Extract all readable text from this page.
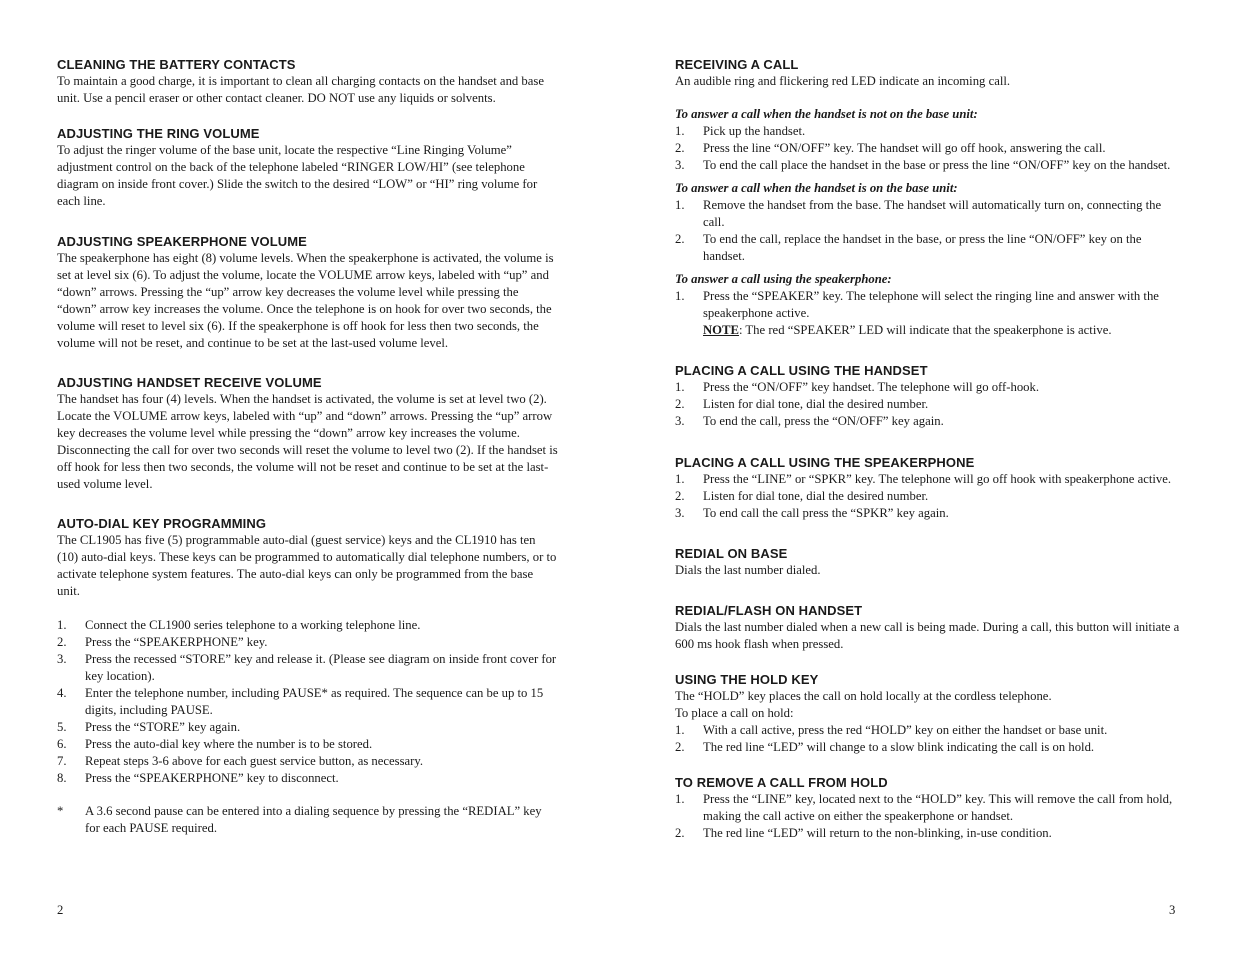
CLEANING THE BATTERY CONTACTS

To maintain a good charge, it is important to clean all charging contacts on the handset and base unit. Use a pencil eraser or other contact cleaner. DO NOT use any liquids or solvents.

ADJUSTING THE RING VOLUME

To adjust the ringer volume of the base unit, locate the respective “Line Ringing Volume” adjustment control on the back of the telephone labeled “RINGER LOW/HI” (see telephone diagram on inside front cover.) Slide the switch to the desired “LOW” or “HI” ring volume for each line.

ADJUSTING SPEAKERPHONE VOLUME

The speakerphone has eight (8) volume levels. When the speakerphone is activated, the volume is set at level six (6). To adjust the volume, locate the VOLUME arrow keys, labeled with “up” and “down” arrows. Pressing the “up” arrow key decreases the volume level while pressing the “down” arrow key increases the volume. Once the telephone is on hook for over two seconds, the volume will reset to level six (6). If the speakerphone is off hook for less then two seconds, the volume will not be reset, and continue to be set at the last-used volume level.

ADJUSTING HANDSET RECEIVE VOLUME

The handset has four (4) levels. When the handset is activated, the volume is set at level two (2). Locate the VOLUME arrow keys, labeled with “up” and “down” arrows. Pressing the “up” arrow key decreases the volume level while pressing the “down” arrow key increases the volume. Disconnecting the call for over two seconds will reset the volume to level two (2). If the handset is off hook for less then two seconds, the volume will not be reset and continue to be set at the last-used volume level.

AUTO-DIAL KEY PROGRAMMING

The CL1905 has five (5) programmable auto-dial (guest service) keys and the CL1910 has ten (10) auto-dial keys. These keys can be programmed to automatically dial telephone numbers, or to activate telephone system features. The auto-dial keys can only be programmed from the base unit.

1. Connect the CL1900 series telephone to a working telephone line.
2. Press the “SPEAKERPHONE” key.
3. Press the recessed “STORE” key and release it. (Please see diagram on inside front cover for key location).
4. Enter the telephone number, including PAUSE* as required. The sequence can be up to 15 digits, including PAUSE.
5. Press the “STORE” key again.
6. Press the auto-dial key where the number is to be stored.
7. Repeat steps 3-6 above for each guest service button, as necessary.
8. Press the “SPEAKERPHONE” key to disconnect.
* A 3.6 second pause can be entered into a dialing sequence by pressing the “REDIAL” key for each PAUSE required.
2
RECEIVING A CALL

An audible ring and flickering red LED indicate an incoming call.

To answer a call when the handset is not on the base unit:

1. Pick up the handset.
2. Press the line “ON/OFF” key. The handset will go off hook, answering the call.
3. To end the call place the handset in the base or press the line “ON/OFF” key on the handset.

To answer a call when the handset is on the base unit:

1. Remove the handset from the base. The handset will automatically turn on, connecting the call.
2. To end the call, replace the handset in the base, or press the line “ON/OFF” key on the handset.

To answer a call using the speakerphone:

1. Press the “SPEAKER” key. The telephone will select the ringing line and answer with the speakerphone active.
NOTE: The red “SPEAKER” LED will indicate that the speakerphone is active.
PLACING A CALL USING THE HANDSET
1. Press the “ON/OFF” key handset. The telephone will go off-hook.
2. Listen for dial tone, dial the desired number.
3. To end the call, press the “ON/OFF” key again.
PLACING A CALL USING THE SPEAKERPHONE
1. Press the “LINE” or “SPKR” key. The telephone will go off hook with speakerphone active.
2. Listen for dial tone, dial the desired number.
3. To end call the call press the “SPKR” key again.
REDIAL ON BASE

Dials the last number dialed.

REDIAL/FLASH ON HANDSET

Dials the last number dialed when a new call is being made. During a call, this button will initiate a 600 ms hook flash when pressed.

USING THE HOLD KEY

The “HOLD” key places the call on hold locally at the cordless telephone.

To place a call on hold:

1. With a call active, press the red “HOLD” key on either the handset or base unit.
2. The red line “LED” will change to a slow blink indicating the call is on hold.
TO REMOVE A CALL FROM HOLD
1. Press the “LINE” key, located next to the “HOLD” key. This will remove the call from hold, making the call active on either the speakerphone or handset.
2. The red line “LED” will return to the non-blinking, in-use condition.
3
